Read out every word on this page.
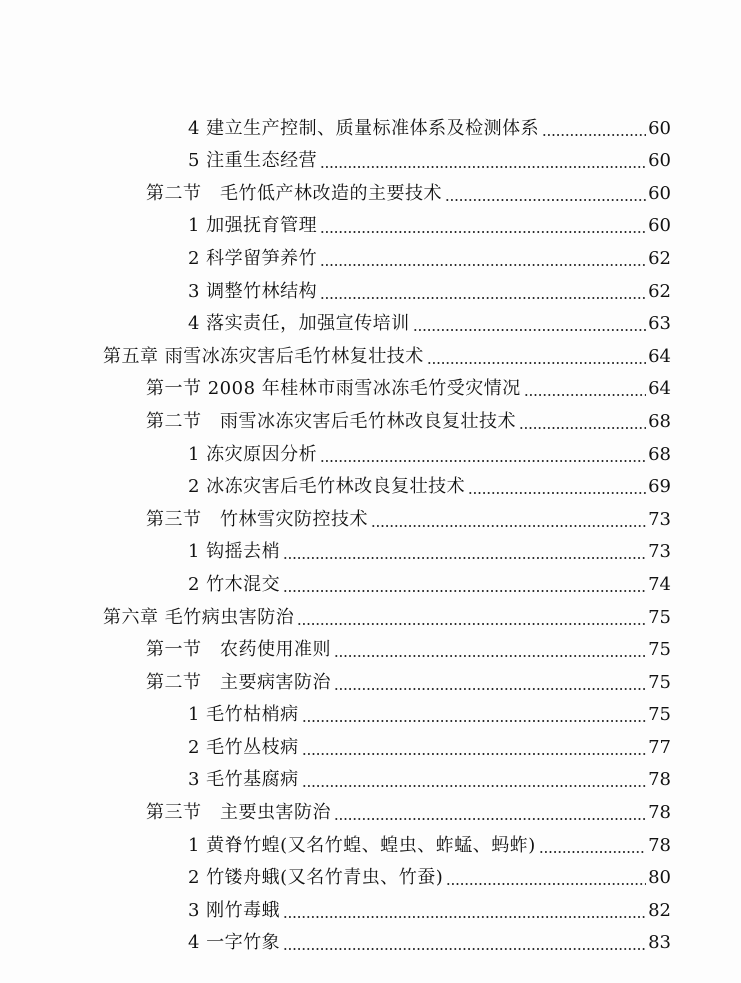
4 建立生产控制、质量标准体系及检测体系	60
5 注重生态经营	60
第二节　毛竹低产林改造的主要技术	60
1 加强抚育管理	60
2 科学留笋养竹	62
3 调整竹林结构	62
4 落实责任，加强宣传培训	63
第五章 雨雪冰冻灾害后毛竹林复壮技术	64
第一节 2008 年桂林市雨雪冰冻毛竹受灾情况	64
第二节　雨雪冰冻灾害后毛竹林改良复壮技术	68
1 冻灾原因分析	68
2 冰冻灾害后毛竹林改良复壮技术	69
第三节　竹林雪灾防控技术	73
1 钩摇去梢	73
2 竹木混交	74
第六章 毛竹病虫害防治	75
第一节　农药使用准则	75
第二节　主要病害防治	75
1 毛竹枯梢病	75
2 毛竹丛枝病	77
3 毛竹基腐病	78
第三节　主要虫害防治	78
1 黄脊竹蝗(又名竹蝗、蝗虫、蚱蜢、蚂蚱)	78
2 竹镂舟蛾(又名竹青虫、竹蚕)	80
3 刚竹毒蛾	82
4 一字竹象	83
